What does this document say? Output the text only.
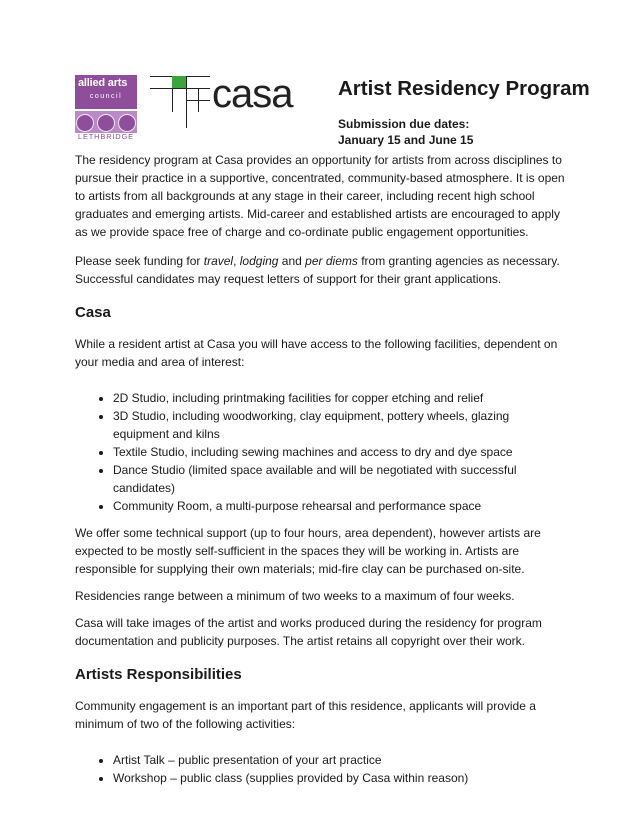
allied arts
council
LETHBRIDGE
casa Artist Residency Program
Submission due dates:
January 15 and June 15

The residency program at Casa provides an opportunity for artists from across disciplines to pursue their practice in a supportive, concentrated, community-based atmosphere. It is open to artists from all backgrounds at any stage in their career, including recent high school graduates and emerging artists. Mid-career and established artists are encouraged to apply as we provide space free of charge and co-ordinate public engagement opportunities.

Please seek funding for travel, lodging and per diems from granting agencies as necessary. Successful candidates may request letters of support for their grant applications.

Casa

While a resident artist at Casa you will have access to the following facilities, dependent on your media and area of interest:

• 2D Studio, including printmaking facilities for copper etching and relief
• 3D Studio, including woodworking, clay equipment, pottery wheels, glazing equipment and kilns
• Textile Studio, including sewing machines and access to dry and dye space
• Dance Studio (limited space available and will be negotiated with successful candidates)
• Community Room, a multi-purpose rehearsal and performance space

We offer some technical support (up to four hours, area dependent), however artists are expected to be mostly self-sufficient in the spaces they will be working in. Artists are responsible for supplying their own materials; mid-fire clay can be purchased on-site.

Residencies range between a minimum of two weeks to a maximum of four weeks.

Casa will take images of the artist and works produced during the residency for program documentation and publicity purposes. The artist retains all copyright over their work.

Artists Responsibilities

Community engagement is an important part of this residence, applicants will provide a minimum of two of the following activities:

• Artist Talk – public presentation of your art practice
• Workshop – public class (supplies provided by Casa within reason)
